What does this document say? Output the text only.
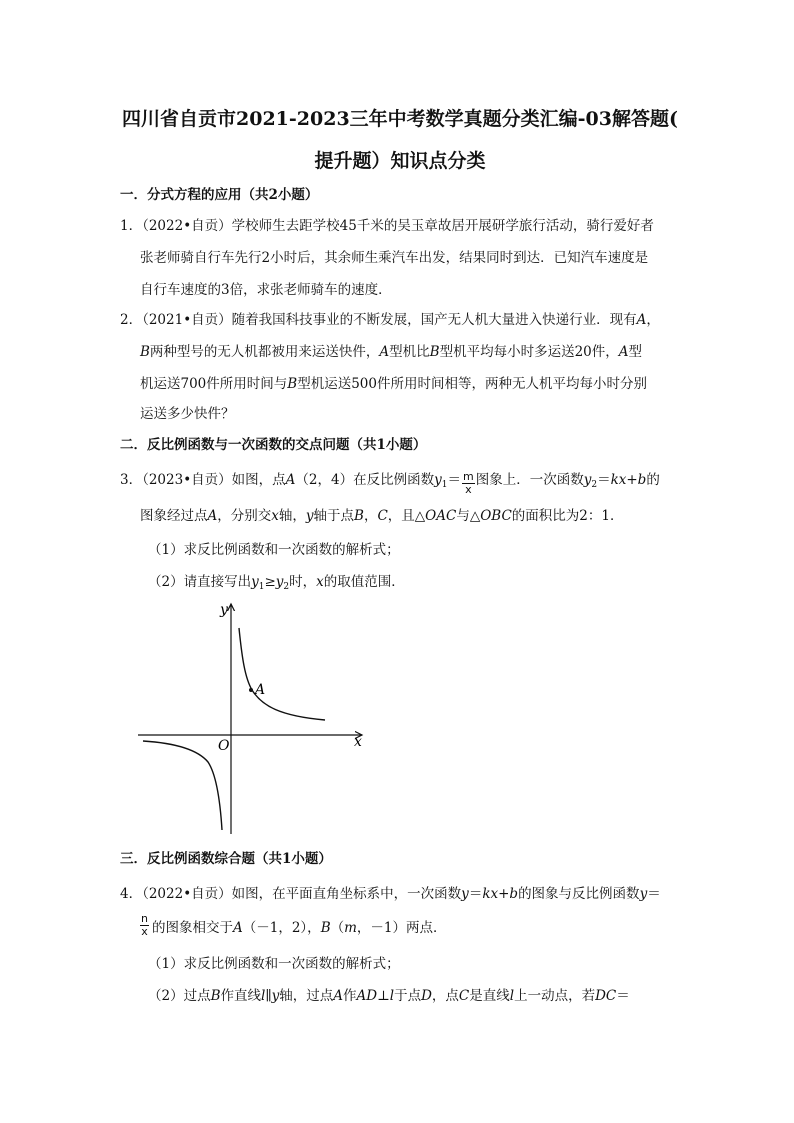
四川省自贡市2021-2023三年中考数学真题分类汇编-03解答题(
提升题）知识点分类
一．分式方程的应用（共2小题）
1．（2022•自贡）学校师生去距学校45千米的吴玉章故居开展研学旅行活动，骑行爱好者
张老师骑自行车先行2小时后，其余师生乘汽车出发，结果同时到达．已知汽车速度是
自行车速度的3倍，求张老师骑车的速度．
2．（2021•自贡）随着我国科技事业的不断发展，国产无人机大量进入快递行业．现有A，
B两种型号的无人机都被用来运送快件，A型机比B型机平均每小时多运送20件，A型
机运送700件所用时间与B型机运送500件所用时间相等，两种无人机平均每小时分别
运送多少快件？
二．反比例函数与一次函数的交点问题（共1小题）
3．（2023•自贡）如图，点A（2，4）在反比例函数$y_1= \frac{m}{x}$ 图象上．一次函数$y_2=kx+b$的
图象经过点A，分别交x轴，y轴于点B，C，且△OAC与△OBC的面积比为2：1．
（1）求反比例函数和一次函数的解析式；
（2）请直接写出$y_1\ge y_2$时，x的取值范围．
y
x
O
A
三．反比例函数综合题（共1小题）
4．（2022•自贡）如图，在平面直角坐标系中，一次函数y＝kx+b的图象与反比例函数y＝
$\frac{n}{x}$ 的图象相交于A（－1，2），B（m，－1）两点．
（1）求反比例函数和一次函数的解析式；
（2）过点B作直线l∥y轴，过点A作AD⊥l于点D，点C是直线l上一动点，若DC＝
